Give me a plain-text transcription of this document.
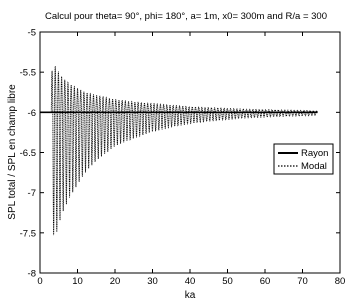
Calcul pour theta= 90°, phi= 180°, a= 1m, x0= 300m and R/a = 300
-5
-5.5
-6
-6.5
-7
-7.5
-8
0	10	20	30	40	50	60	70	80
SPL total / SPL en champ libre
ka
Rayon
Modal
